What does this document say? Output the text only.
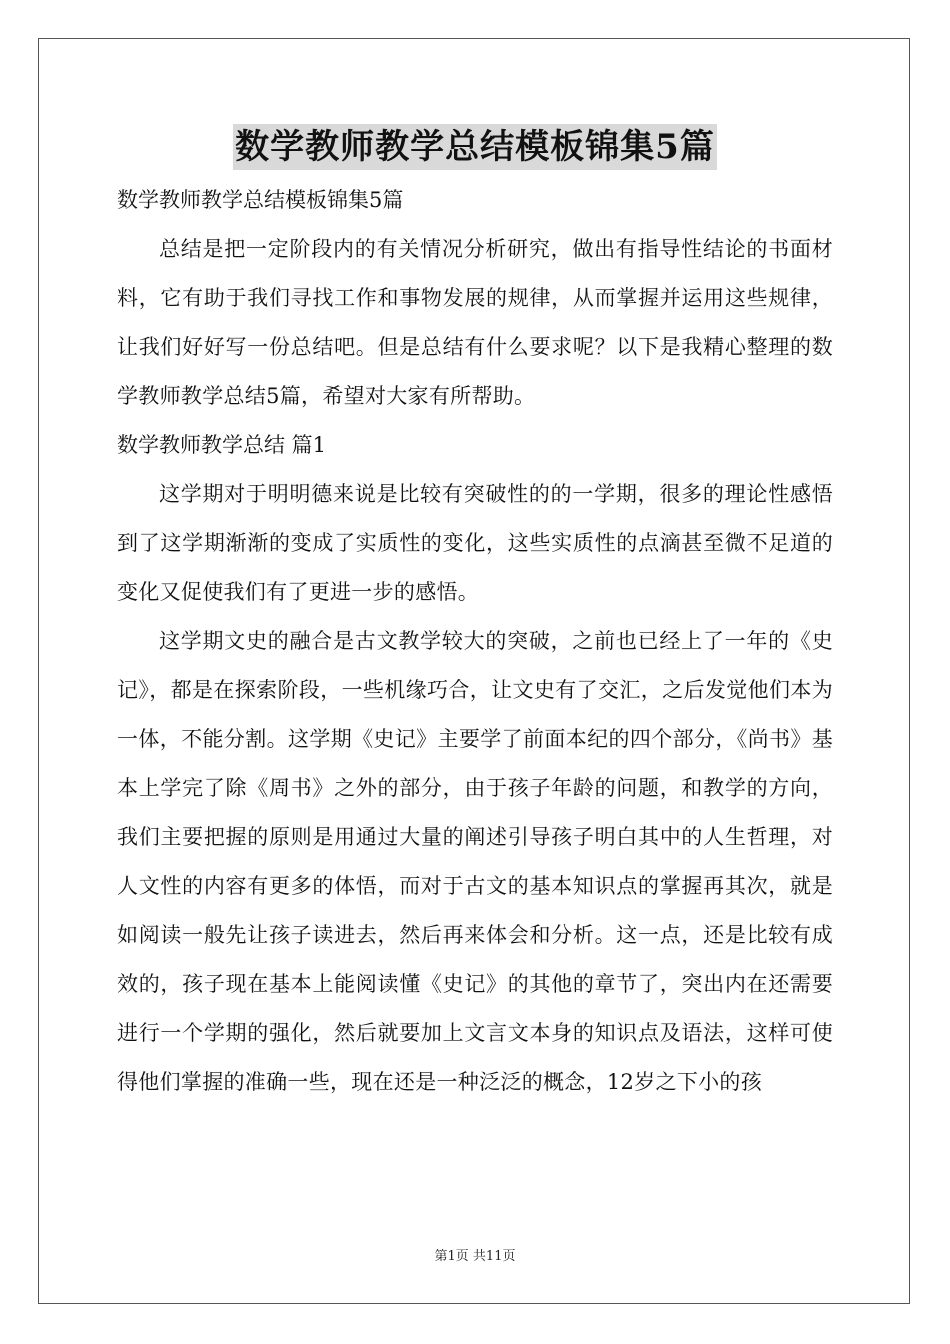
数学教师教学总结模板锦集5篇

数学教师教学总结模板锦集5篇

总结是把一定阶段内的有关情况分析研究，做出有指导性结论的书面材料，它有助于我们寻找工作和事物发展的规律，从而掌握并运用这些规律，让我们好好写一份总结吧。但是总结有什么要求呢？以下是我精心整理的数学教师教学总结5篇，希望对大家有所帮助。

数学教师教学总结 篇1

这学期对于明明德来说是比较有突破性的的一学期，很多的理论性感悟到了这学期渐渐的变成了实质性的变化，这些实质性的点滴甚至微不足道的变化又促使我们有了更进一步的感悟。

这学期文史的融合是古文教学较大的突破，之前也已经上了一年的《史记》，都是在探索阶段，一些机缘巧合，让文史有了交汇，之后发觉他们本为一体，不能分割。这学期《史记》主要学了前面本纪的四个部分，《尚书》基本上学完了除《周书》之外的部分，由于孩子年龄的问题，和教学的方向，我们主要把握的原则是用通过大量的阐述引导孩子明白其中的人生哲理，对人文性的内容有更多的体悟，而对于古文的基本知识点的掌握再其次，就是如阅读一般先让孩子读进去，然后再来体会和分析。这一点，还是比较有成效的，孩子现在基本上能阅读懂《史记》的其他的章节了，突出内在还需要进行一个学期的强化，然后就要加上文言文本身的知识点及语法，这样可使得他们掌握的准确一些，现在还是一种泛泛的概念，12岁之下小的孩

第1页 共11页
